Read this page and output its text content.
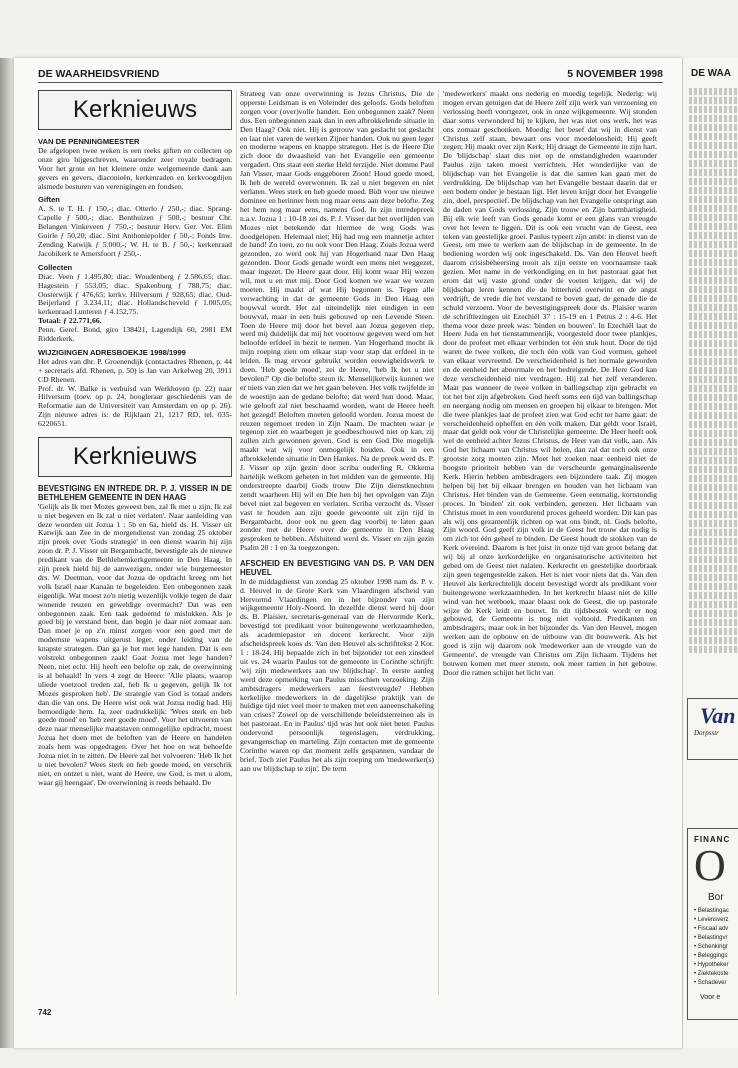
DE WAARHEIDSVRIEND	5 NOVEMBER 1998
Kerknieuws
VAN DE PENNINGMEESTER

De afgelopen twee weken is een reeks giften en collecten op onze giro bijgeschreven, waaronder zeer royale bedragen. Voor het grote en het kleinere onze welgemeende dank aan gevers en gevers, diaconieën, kerkenraden en kerkvoogdijen alsmede besturen van verenigingen en fondsen.

Giften

A. S. te T. H. ƒ 150,-; diac. Otterlo ƒ 250,-; diac. Sprang-Capelle ƒ 500,-; diac. Benthuizen ƒ 500,-; bestuur Chr. Belangen Vinkeveen ƒ 750,-; bestuur Herv. Ger. Ver. Elim Goirle ƒ 50,20; diac. Sint Anthoniepolder ƒ 50,-; Fonds Inw. Zending Katwijk ƒ 5.000,-; W. H. te B. ƒ 50,-; kerkenraad Jacobikerk te Amersfoort ƒ 250,-.

Collecten

Diac. Veen ƒ 1.495,80; diac. Woudenberg ƒ 2.586,65; diac. Hagestein ƒ 553,05; diac. Spakenburg ƒ 788,75; diac. Oosterwijk ƒ 476,65; kerkv. Hilversum ƒ 928,65; diac. Oud-Beijerland ƒ 3.234,11; diac. Hollandscheveld ƒ 1.005,05; kerkenraad Lunteren ƒ 4.152,75.

Totaal: ƒ 22.771,66.

Penn. Geref. Bond, giro 138421, Lagendijk 60, 2981 EM Ridderkerk.

WIJZIGINGEN ADRESBOEKJE 1998/1999

Het adres van dhr. P. Groenendijk (contactadres Rhenen, p. 44 + secretaris afd. Rhenen, p. 50) is Jan van Arkelweg 20, 3911 CD Rhenen.

Prof. dr. W. Balke is verhuisd van Werkhoven (p. 22) naar Hilversum (toev. op p. 24, hoogleraar geschiedenis van de Reformatie aan de Universiteit van Amsterdam en op p. 26). Zijn nieuwe adres is: de Rijklaan 21, 1217 RD, tel. 035-6220651.

Kerknieuws
BEVESTIGING EN INTREDE DR. P. J. VISSER IN DE BETHLEHEM GEMEENTE IN DEN HAAG

'Gelijk als Ik met Mozes geweest ben, zal Ik met u zijn, Ik zal u niet begeven en Ik zal u niet verlaten'. Naar aanleiding van deze woorden uit Jozua 1 : 5b en 6a, hield ds. H. Visser uit Katwijk aan Zee in de morgendienst van zondag 25 oktober zijn preek over 'Gods strategie' in een dienst waarin hij zijn zoon dr. P. J. Visser uit Bergambacht, bevestigde als de nieuwe predikant van de Bethlehemkerkgemeente in Den Haag. In zijn preek hield hij de aanwezigen, onder wie burgemeester drs. W. Deetman, voor dat Jozua de opdracht kreeg om het volk Israël naar Kanaän te begeleiden. Een onbegonnen zaak eigenlijk. Wat moest zo'n nietig wezenlijk volkje tegen de daar wonende reuzen en geweldige overmacht? Dat was een onbegonnen zaak. Een taak gedoemd te mislukken. Als je goed bij je verstand bent, dan begin je daar niet zomaar aan. Dan moet je op z'n minst zorgen voor een goed met de modernste wapens uitgerust leger, onder leiding van de knapste strategen. Dan ga je het met lege handen. Dat is een volstrekt onbegonnen zaak! Gaat Jozua met lege handen? Neen, niet echt. Hij heeft een belofte op zak, de overwinning is al behaald! In vers 4 zegt de Heere: 'Alle plaats, waarop uliede voetzool treden zal, heb Ik u gegeven, gelijk Ik tot Mozes gesproken heb'. De strategie van God is totaal anders dan die van ons. De Heere wist ook wat Jozua nodig had. Hij bemoedigde hem. Ja, zeer nadrukkelijk: 'Wees sterk en heb goede moed' en 'heb zeer goede moed'. Voor het uitvoeren van deze naar menselijke maatstaven onmogelijke opdracht, moest Jozua het doen met de beloften van de Heere en handelen zoals hem was opgedragen. Over het hoe en wat behoefde Jozua niet in te zitten. De Heere zal het volvoeren: 'Heb Ik het u niet bevolen? Wees sterk en heb goede moed, en verschrik niet, en ontzet u niet, want de Heere, uw God, is met u alom, waar gij heengaat'. De overwinning is reeds behaald. De

Strateeg van onze overwinning is Jezus Christus, Die de opperste Leidsman is en Voleinder des geloofs. Gods beloften zorgen voor (over)volle handen. Een onbegonnen zaak? Neen dus. Een onbegonnen zaak dan in een afbrokkelende situatie in Den Haag? Ook niet. Hij is getrouw van geslacht tot geslacht en laat niet varen de werken Zijner handen. Ook nu geen leger en moderne wapens en knappe strategen. Het is de Heere Die zich door de dwaasheid van het Evangelie een gemeente vergadert. Ons staat een sterke Held terzijde. Niet domme Paul Jan Visser, maar Gods enggeboren Zoon! Houd goede moed, Ik heb de wereld overwonnen. Ik zal u niet begeven en niet verlaten. Wees sterk en heb goede moed. Bidt voor uw nieuwe dominee en herinner hem nog maar eens aan deze belofte. Zeg het hem nog maar eens, namens God. In zijn intredepreek n.a.v. Jozua 1 : 10-18 zei ds. P. J. Visser dat het overlijden van Mozes niet betekende dat hiermee de weg Gods was doodgelopen. Helemaal niet; Hij had nog een mannetje achter de hand! Zo toen, zo nu ook voor Den Haag. Zoals Jozua werd gezonden, zo werd ook hij van Hogerhand naar Den Haag gezonden. Door Gods genade wordt een mens niet weggezet, maar ingezet. De Heere gaat door. Hij komt waar Hij wezen wil, met u en met mij. Door God komen we waar we wezen moeten. Hij maakt af wat Hij begonnen is. Tegen alle verwachting in dat de gemeente Gods in Den Haag een bouwval wordt. Het zal uiteindelijk niet eindigen in een bouwval, maar in een huis gebouwd op een Levende Steen. Toen de Heere mij door het bevel aan Jozua gegeven riep, werd mij duidelijk dat mij het voortouw gegeven werd om het beloofde erfdeel in bezit te nemen. Van Hogerhand mocht ik mijn roeping zien om elkaar stap voor stap dat erfdeel in te leiden. Ik mag ervoor gebruikt worden eeuwigheidswerk te doen. 'Heb goede moed', zei de Heere, 'heb Ik het u niet bevolen?' Op die belofte steun ik. Menselijkerwijs kunnen we er niets van zien dat we het gaan beleven. Het volk twijfelde in de woestijn aan de gedane belofte; dat werd hun dood. Maar, wie gelooft zal niet beschaamd worden, want de Heere heeft het gezegd! Beloften moeten geloofd worden. Jozua moest de reuzen tegemoet treden in Zijn Naam. De machten waar je tegenop ziet en waarbegen je goedbeschouwd niet op kan, zij zullen zich gewonnen geven. God is een God Die mogelijk maakt wat wij voor onmogelijk houden. Ook in een afbrokkelende situatie in Den Hankes. Na de preek werd ds. P. J. Visser op zijn gezin door scriba ouderling R. Okkema hartelijk welkom geheten in het midden van de gemeente. Hij onderstreepte daarbij Gods trouw Die Zijn dienstknechten zendt waarheen Hij wil en Die hen bij het opvolgen van Zijn bevel niet zal begeven en verlaten. Scriba verzocht ds. Visser vast te houden aan zijn goede gewoonte uit zijn tijd in Bergambacht, door ook nu geen dag voorbij te laten gaan zonder met de Heere over de gemeente in Den Haag gesproken te hebben. Afsluitend werd ds. Visser en zijn gezin Psalm 20 : 1 en 3a toegezongen.

AFSCHEID EN BEVESTIGING VAN DS. P. VAN DEN HEUVEL

In de middagdienst van zondag 25 oktober 1998 nam ds. P. v. d. Heuvel in de Grote Kerk van Vlaardingen afscheid van Hervormd Vlaardingen en in het bijzonder van zijn wijkgemeente Holy-Noord. In dezelfde dienst werd hij door ds. B. Plaisier, secretaris-generaal van de Hervormde Kerk, bevestigd tot predikant voor buitengewone werkzaamheden, als academiepastor en docent kerkrecht. Voor zijn afscheidspreek koos ds. Van den Heuvel als schrifttekst 2 Kor. 1 : 18-24. Hij bepaalde zich in het bijzonder tot een zinsdeel uit vs. 24 waarin Paulus tot de gemeente in Corinthe schrijft: 'wij zijn medewerkers aan uw blijdschap'. In eerste aanleg werd deze opmerking van Paulus misschien verzoeking. Zijn ambtsdragers medewerkers aan feestvreugde? Hebben kerkelijke medewerkers in de dagelijkse praktijk van de huidige tijd niet veel meer te maken met een aaneenschakeling van crises? Zowel op de verschillende beleidsterreinen als in het pastoraat. En in Paulus' tijd was het ook niet beter. Paulus ondervond persoonlijk tegenslagen, verdrukking, gevangenschap en marteling. Zijn contacten met de gemeente Corinthe waren op dat moment zelfs gespannen, vandaar de brief. Toch ziet Paulus het als zijn roeping om 'medewerker(s) aan uw blijdschap te zijn'. De term

'medewerkers' maakt ons nederig en moedig tegelijk. Nederig: wij mogen ervan getuigen dat de Heere zelf zijn werk van verzoening en verlossing heeft voortgezet, ook in onze wijkgemeente. Wij stonden daar soms verwonderd bij te kijken, het was niet ons werk, het was ons zomaar geschonken. Moedig: het besef dat wij in dienst van Christus zelf staan, bewaart ons voor moedeloosheid; Hij geeft zegen; Hij maakt over zijn Kerk; Hij draagt de Gemeente in zijn hart. De 'blijdschap' slaat dus niet op de omstandigheden waaronder Paulus zijn taken moest verrichten. Het wonderlijke van de blijdschap van het Evangelie is dat die samen kan gaan met de verdrukking. De blijdschap van het Evangelie bestaat daarin dat er een bodem onder je bestaan ligt. Het leven krijgt door het Evangelie zin, doel, perspectief. De blijdschap van het Evangelie ontspringt aan de daden van Gods verlossing, Zijn trouw en Zijn barmhartigheid. Bij elk wie leeft van Gods genade komt er een glans van vreugde over het leven te liggen. Dit is ook een vrucht van de Geest, een teken van geestelijke groei. Paulus typeert zijn ambt: in dienst van de Geest, om mee te werken aan de blijdschap in de gemeente. In de bediening worden wij ook ingeschakeld. Ds. Van den Heuvel heeft daarom crisisbeheersing nooit als zijn eerste en voornaamste taak gezien. Met name in de verkondiging en in het pastoraat gaat het erom dat wij vaste grond onder de voeten krijgen, dat wij de blijdschap leren kennen die de bitterheid overwint en de angst verdrijft, de vrede die het verstand te boven gaat, de genade die de schuld verzoent. Voor de bevestigingspreek door ds. Plaisier waren de schriftlezingen uit Ezechiël 37 : 15-19 en 1 Petrus 2 : 4-6. Het thema voor deze preek was: 'binden en bouwen'. In Ezechiël laat de Heere Juda en het tienstammenrijk, voorgesteld door twee plankjes, door de profeet met elkaar verbinden tot één stuk hout. Door de tijd waren de twee volken, die toch één volk van God vormen, geheel van elkaar vervreemd. De verscheidenheid is het normale geworden en de eenheid het abnormale en het bedreigende. De Here God kan deze verscheidenheid niet verdragen. Hij zal het zelf veranderen. Maar pas wanneer de twee volken in ballingschap zijn gebracht en tot het bot zijn afgebroken. God heeft soms een tijd van ballingschap en neergang nodig om mensen en groepen bij elkaar te brengen. Met die twee plankjes laat de profeet zien wat God echt ter harte gaat: de verscheidenheid opheffen en één volk maken. Dat geldt voor Israël, maar dat geldt ook voor de Christelijke gemeente. De Heer heeft ook wel de eenheid achter Jezus Christus, de Heer van dat volk, aan. Als God het lichaam van Christus wil helen, dan zal dat toch ook onze grootste zorg moeten zijn. Moet het zoeken naar eenheid niet de hoogste prioriteit hebben van de verscheurde gemarginaliseerde Kerk. Hierin hebben ambtsdragers een bijzondere taak. Zij mogen helpen bij het bij elkaar brengen en houden van het lichaam van Christus. Het binden van de Gemeente. Geen eenmalig, kortstondig proces. In 'binden' zit ook verbinden, genezen. Het lichaam van Christus moet in een voordurend proces geheeld worden. Dit kan pas als wij ons gezamenlijk richten op wat ons bindt, nl. Gods belofte, Zijn woord. God geeft zijn volk in de Geest het trouw dat nodig is om zich tot één geheel te binden. De Geest houdt de stokken van de Kerk overeind. Daarom is het juist in onze tijd van groot belang dat wij bij al onze kerkordelijke en organisatorische activiteiten het gebed om de Geest niet nalaten. Kerkrecht en geestelijke doorbraak zijn geen tegengestelde zaken. Het is niet voor niets dat ds. Van den Heuvel als kerkrechtelijk docent bevestigd wordt als predikant voor buitengewone werkzaamheden. In het kerkrecht blaast niet de kille wind van het wetboek, maar blaast ook de Geest, die op pastorale wijze de Kerk leidt en bouwt. In dit tijdsbestek wordt er nog gebouwd, de Gemeente is nog niet voltooid. Predikanten en ambtsdragers, maar ook in het bijzonder ds. Van den Heuvel, mogen werken aan de opbouw en de uitbouw van dit bouwwerk. Als het goed is zijn wij daarom ook 'medewerker aan de vreugde van de Gemeente', de vreugde van Christus om Zijn lichaam. Tijdens het bouwen komen met meer stenen, ook meer ramen in het gebouw. Door die ramen schijnt het licht van

742
DE WAA
Van
Dorpsstr
FINANC
O
Bor
• Belastingac
• Levensverz
• Fiscaal adv
• Belastingvr
• Schenkingr
• Beleggings
• Hypotheker
• Ziektekoste
• Schadever
Voor e
